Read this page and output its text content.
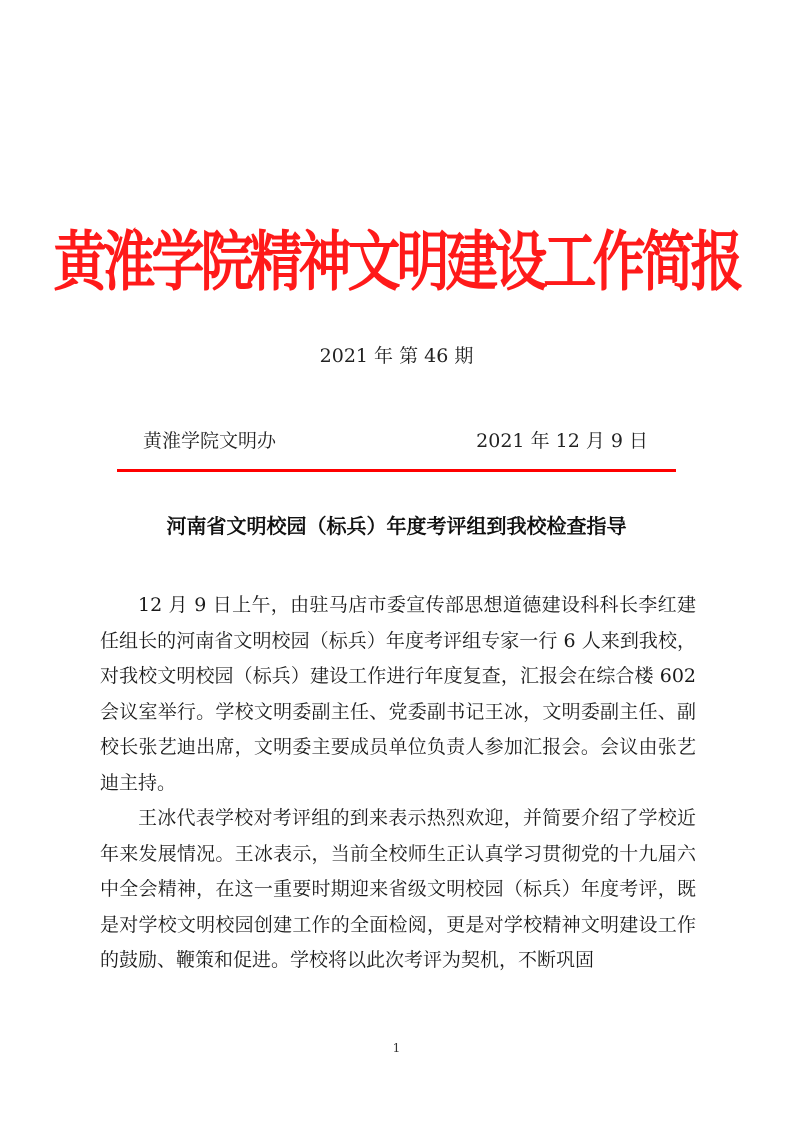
黄淮学院精神文明建设工作简报
2021 年 第 46 期
黄淮学院文明办	2021 年 12 月 9 日
河南省文明校园（标兵）年度考评组到我校检查指导

12 月 9 日上午，由驻马店市委宣传部思想道德建设科科长李红建任组长的河南省文明校园（标兵）年度考评组专家一行 6 人来到我校，对我校文明校园（标兵）建设工作进行年度复查，汇报会在综合楼 602 会议室举行。学校文明委副主任、党委副书记王冰，文明委副主任、副校长张艺迪出席，文明委主要成员单位负责人参加汇报会。会议由张艺迪主持。

王冰代表学校对考评组的到来表示热烈欢迎，并简要介绍了学校近年来发展情况。王冰表示，当前全校师生正认真学习贯彻党的十九届六中全会精神，在这一重要时期迎来省级文明校园（标兵）年度考评，既是对学校文明校园创建工作的全面检阅，更是对学校精神文明建设工作的鼓励、鞭策和促进。学校将以此次考评为契机，不断巩固

1
